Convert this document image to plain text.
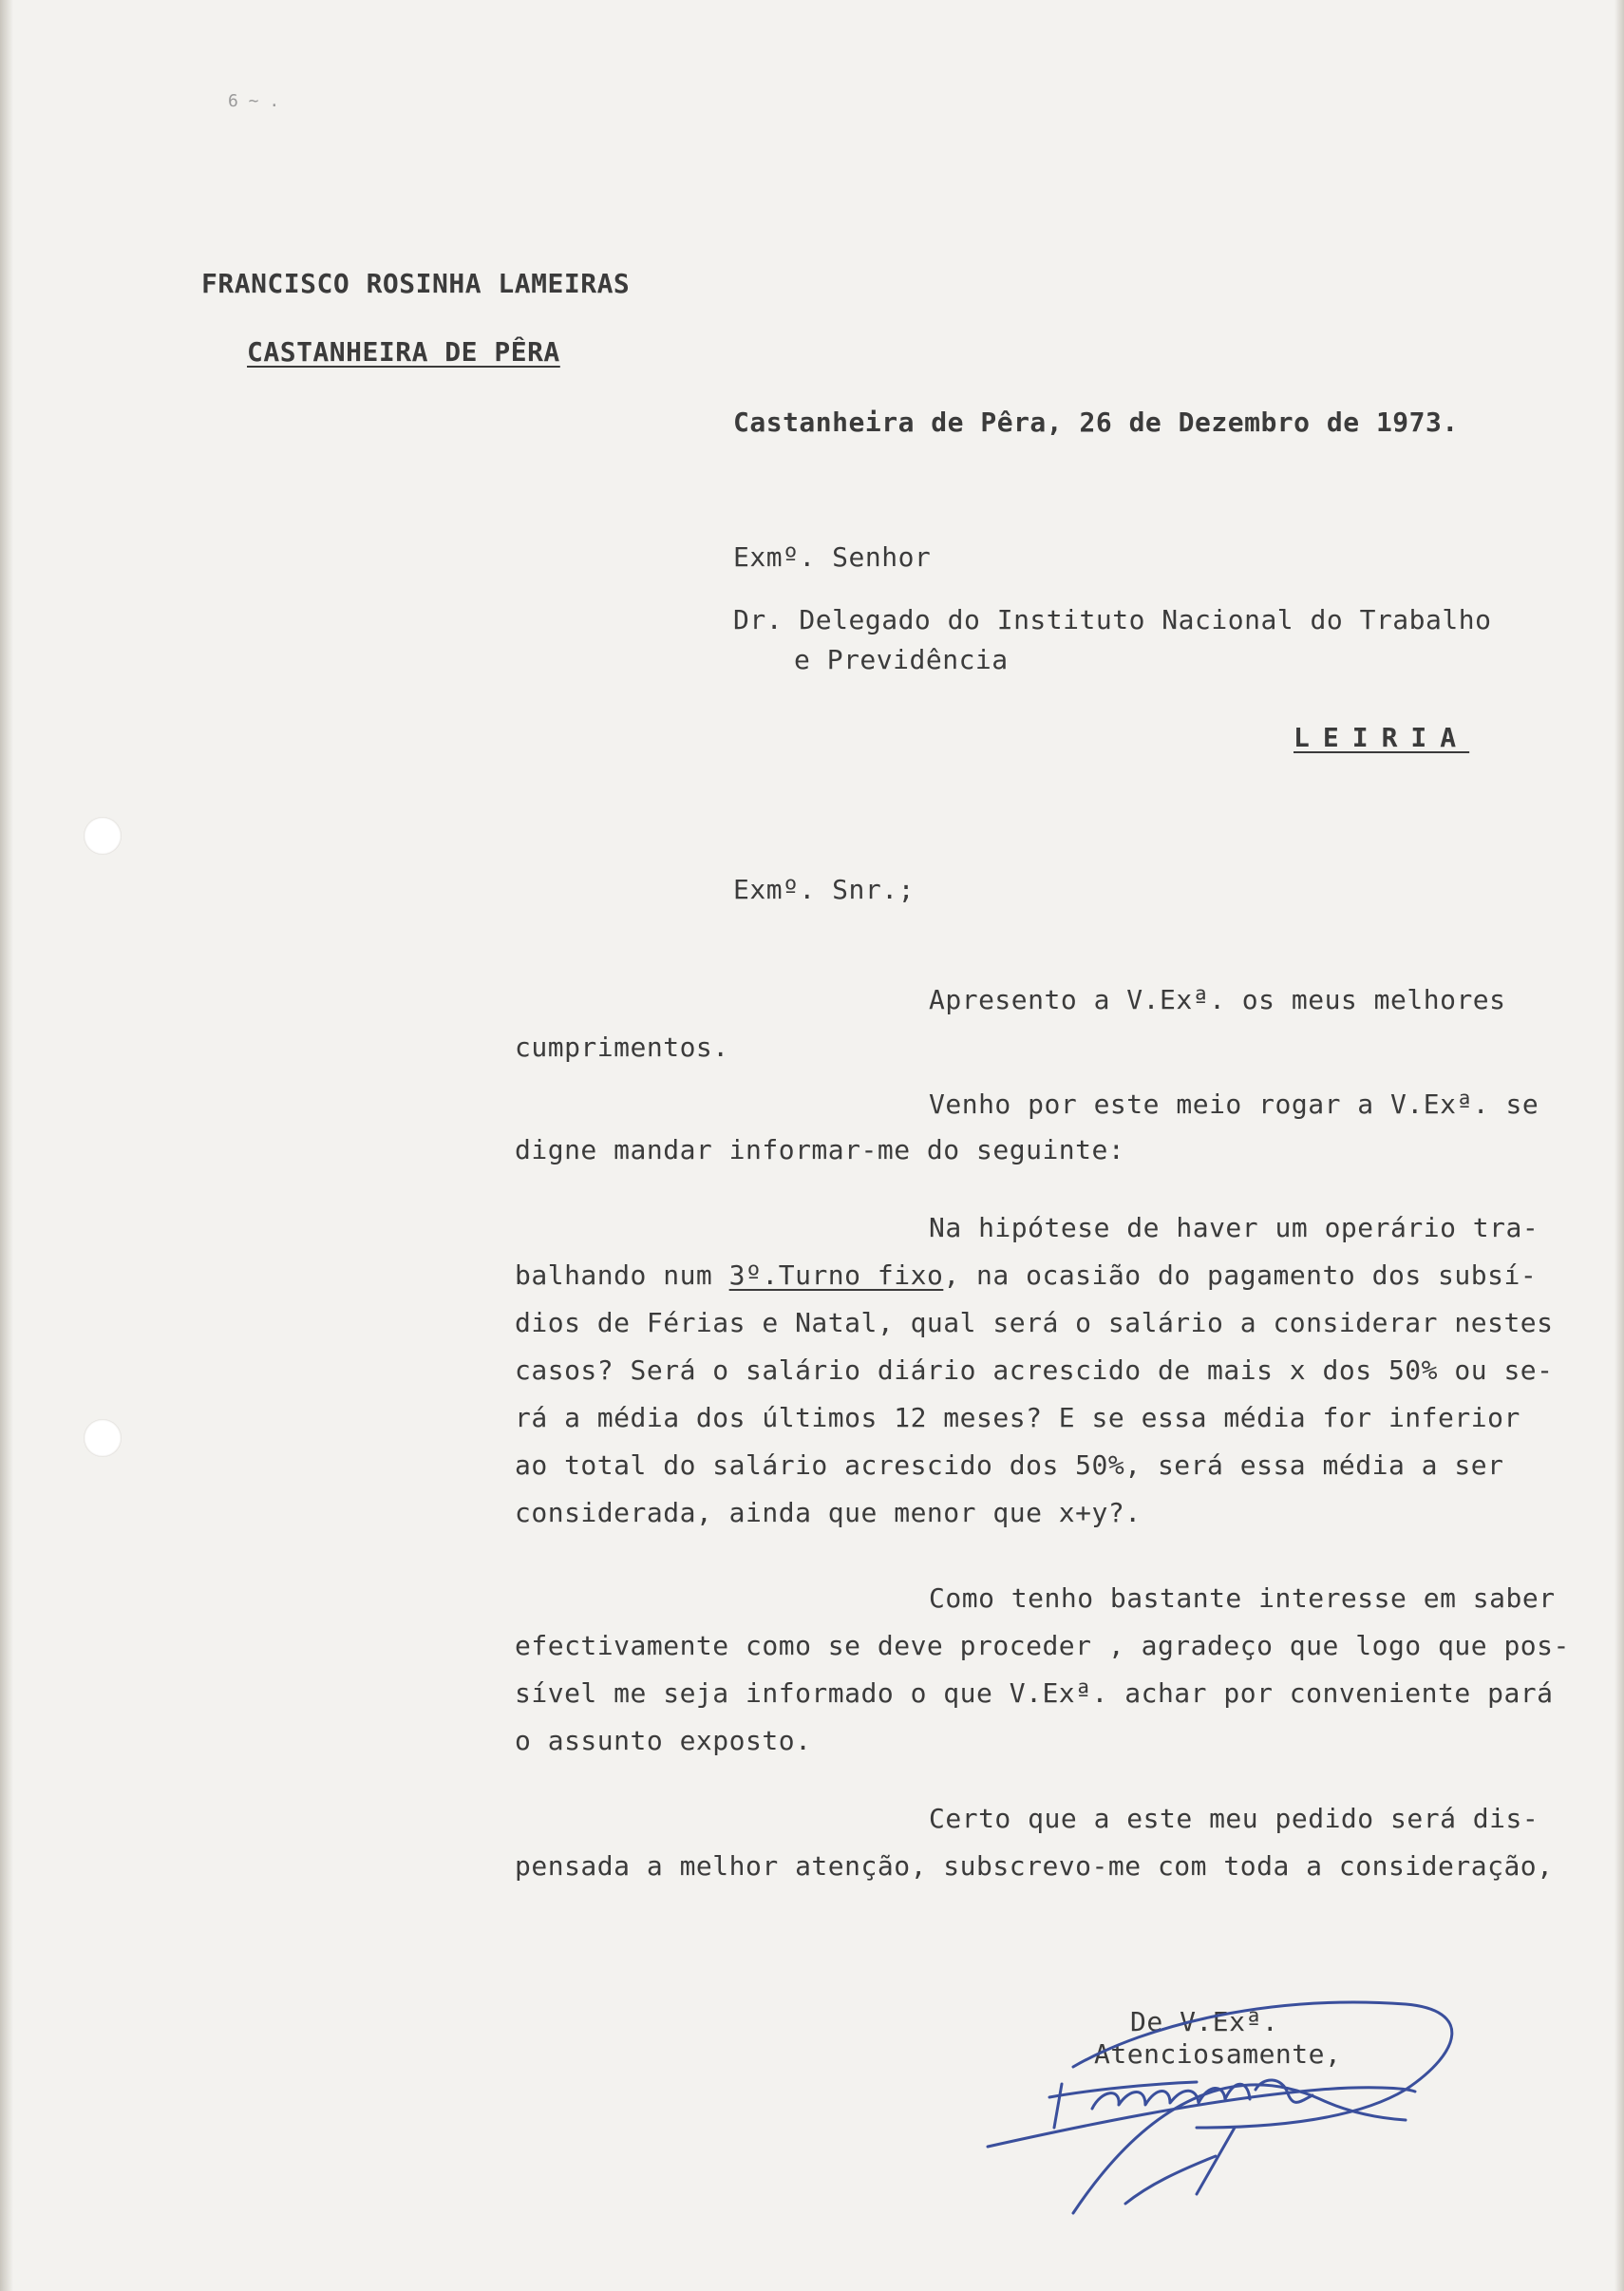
6 ~ .
FRANCISCO ROSINHA LAMEIRAS
CASTANHEIRA DE PÊRA
Castanheira de Pêra, 26 de Dezembro de 1973.
Exmº. Senhor
Dr. Delegado do Instituto Nacional do Trabalho
e Previdência
LEIRIA
Exmº. Snr.;
Apresento a V.Exª. os meus melhores
cumprimentos.
Venho por este meio rogar a V.Exª. se
digne mandar informar-me do seguinte:
Na hipótese de haver um operário tra-
balhando num 3º.Turno fixo, na ocasião do pagamento dos subsí-
dios de Férias e Natal, qual será o salário a considerar nestes
casos? Será o salário diário acrescido de mais x dos 50% ou se-
rá a média dos últimos 12 meses? E se essa média for inferior
ao total do salário acrescido dos 50%, será essa média a ser
considerada, ainda que menor que x+y?.
Como tenho bastante interesse em saber
efectivamente como se deve proceder , agradeço que logo que pos-
sível me seja informado o que V.Exª. achar por conveniente pará
o assunto exposto.
Certo que a este meu pedido será dis-
pensada a melhor atenção, subscrevo-me com toda a consideração,
De V.Exª.
Atenciosamente,
